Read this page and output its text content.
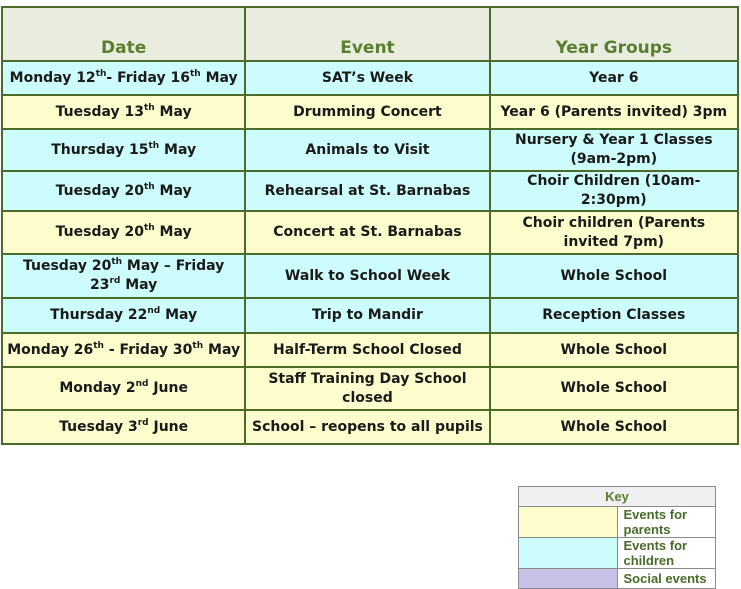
Date	Event	Year Groups
Monday 12th- Friday 16th May	SAT’s Week	Year 6
Tuesday 13th May	Drumming Concert	Year 6 (Parents invited) 3pm
Thursday 15th May	Animals to Visit	Nursery & Year 1 Classes (9am-2pm)
Tuesday 20th May	Rehearsal at St. Barnabas	Choir Children (10am-2:30pm)
Tuesday 20th May	Concert at St. Barnabas	Choir children (Parents invited 7pm)
Tuesday 20th May – Friday 23rd May	Walk to School Week	Whole School
Thursday 22nd May	Trip to Mandir	Reception Classes
Monday 26th - Friday 30th May	Half-Term School Closed	Whole School
Monday 2nd June	Staff Training Day School closed	Whole School
Tuesday 3rd June	School – reopens to all pupils	Whole School
Key	
	Events for parents
	Events for children
	Social events
